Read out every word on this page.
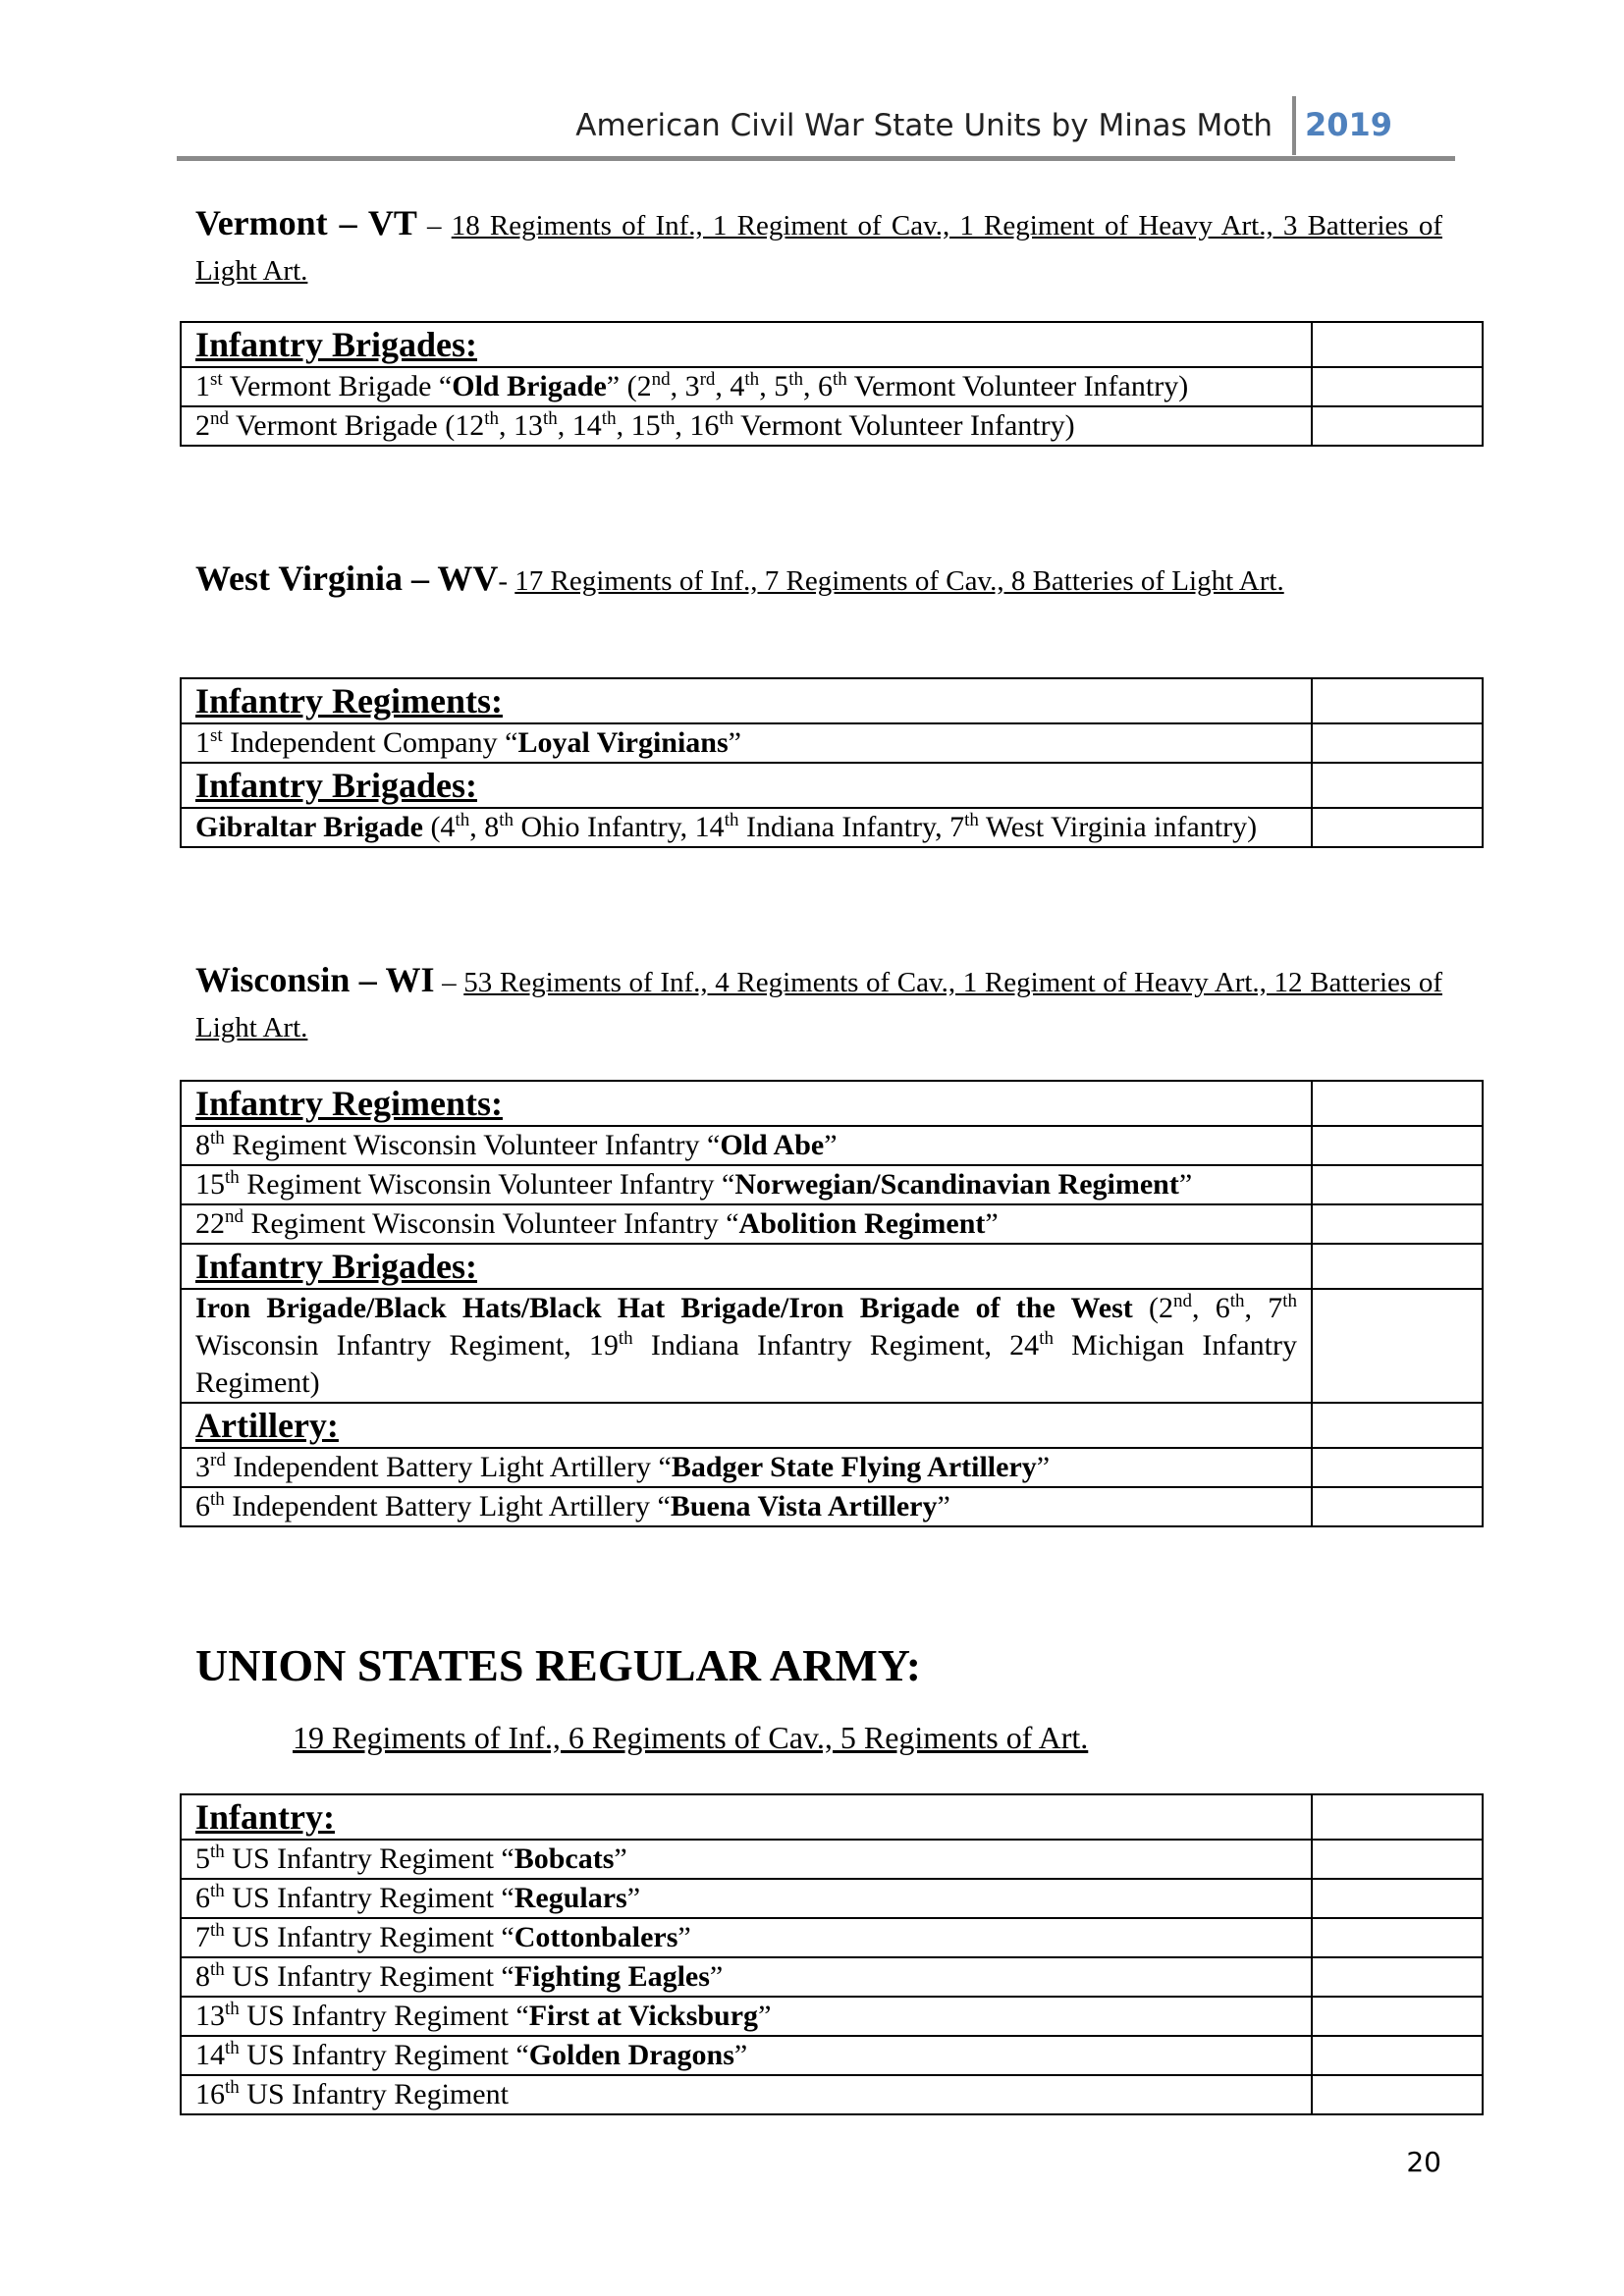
American Civil War State Units by Minas Moth 2019
Vermont – VT – 18 Regiments of Inf., 1 Regiment of Cav., 1 Regiment of Heavy Art., 3 Batteries of Light Art.
Infantry Brigades:	
1st Vermont Brigade “Old Brigade” (2nd, 3rd, 4th, 5th, 6th Vermont Volunteer Infantry)	
2nd Vermont Brigade (12th, 13th, 14th, 15th, 16th Vermont Volunteer Infantry)	
West Virginia – WV- 17 Regiments of Inf., 7 Regiments of Cav., 8 Batteries of Light Art.
Infantry Regiments:	
1st Independent Company “Loyal Virginians”	
Infantry Brigades:	
Gibraltar Brigade (4th, 8th Ohio Infantry, 14th Indiana Infantry, 7th West Virginia infantry)	
Wisconsin – WI – 53 Regiments of Inf., 4 Regiments of Cav., 1 Regiment of Heavy Art., 12 Batteries of Light Art.
Infantry Regiments:	
8th Regiment Wisconsin Volunteer Infantry “Old Abe”	
15th Regiment Wisconsin Volunteer Infantry “Norwegian/Scandinavian Regiment”	
22nd Regiment Wisconsin Volunteer Infantry “Abolition Regiment”	
Infantry Brigades:	
Iron Brigade/Black Hats/Black Hat Brigade/Iron Brigade of the West (2nd, 6th, 7th Wisconsin Infantry Regiment, 19th Indiana Infantry Regiment, 24th Michigan Infantry Regiment)	
Artillery:	
3rd Independent Battery Light Artillery “Badger State Flying Artillery”	
6th Independent Battery Light Artillery “Buena Vista Artillery”	
UNION STATES REGULAR ARMY:
19 Regiments of Inf., 6 Regiments of Cav., 5 Regiments of Art.
Infantry:	
5th US Infantry Regiment “Bobcats”	
6th US Infantry Regiment “Regulars”	
7th US Infantry Regiment “Cottonbalers”	
8th US Infantry Regiment “Fighting Eagles”	
13th US Infantry Regiment “First at Vicksburg”	
14th US Infantry Regiment “Golden Dragons”	
16th US Infantry Regiment	
20
